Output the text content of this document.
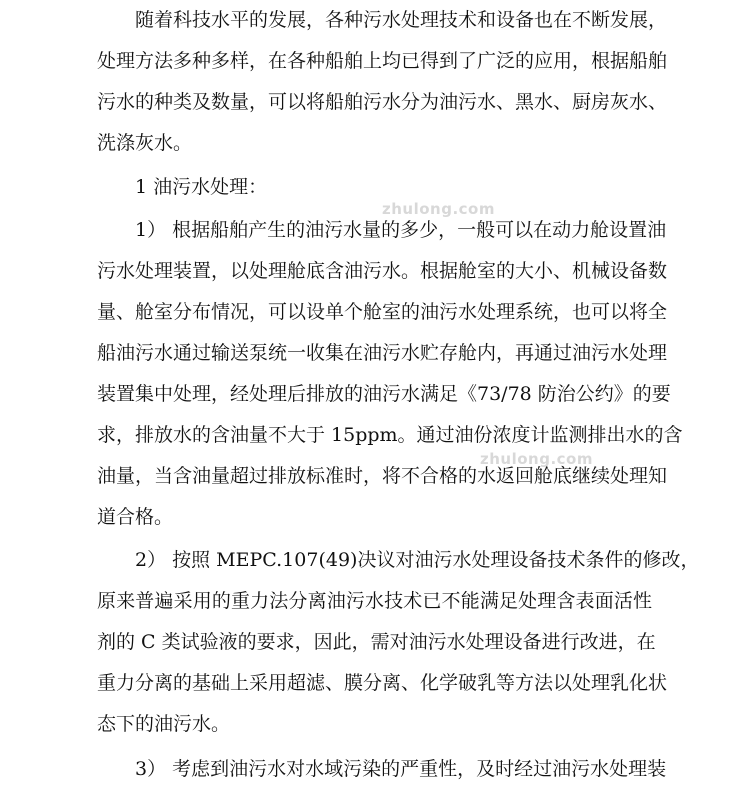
随着科技水平的发展，各种污水处理技术和设备也在不断发展，
处理方法多种多样，在各种船舶上均已得到了广泛的应用，根据船舶
污水的种类及数量，可以将船舶污水分为油污水、黑水、厨房灰水、
洗涤灰水。
1 油污水处理：
zhulong.com
1） 根据船舶产生的油污水量的多少，一般可以在动力舱设置油
污水处理装置，以处理舱底含油污水。根据舱室的大小、机械设备数
量、舱室分布情况，可以设单个舱室的油污水处理系统，也可以将全
船油污水通过输送泵统一收集在油污水贮存舱内，再通过油污水处理
装置集中处理，经处理后排放的油污水满足《73/78 防治公约》的要
求，排放水的含油量不大于 15ppm。通过油份浓度计监测排出水的含
zhulong.com
油量，当含油量超过排放标准时，将不合格的水返回舱底继续处理知
道合格。
2） 按照 MEPC.107(49)决议对油污水处理设备技术条件的修改，
原来普遍采用的重力法分离油污水技术已不能满足处理含表面活性
剂的 C 类试验液的要求，因此，需对油污水处理设备进行改进，在
重力分离的基础上采用超滤、膜分离、化学破乳等方法以处理乳化状
态下的油污水。
3） 考虑到油污水对水域污染的严重性，及时经过油污水处理装
